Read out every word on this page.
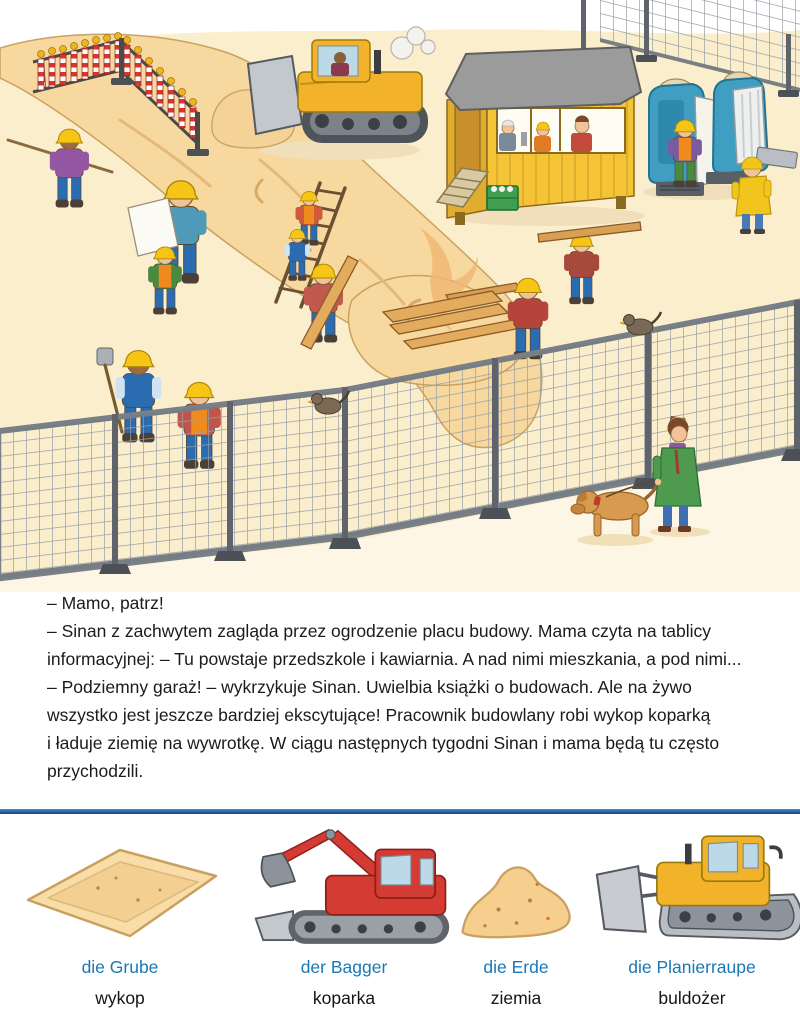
– Mamo, patrz!
– Sinan z zachwytem zagląda przez ogrodzenie placu budowy. Mama czyta na tablicy
informacyjnej: – Tu powstaje przedszkole i kawiarnia. A nad nimi mieszkania, a pod nimi...
– Podziemny garaż! – wykrzykuje Sinan. Uwielbia książki o budowach. Ale na żywo
wszystko jest jeszcze bardziej ekscytujące! Pracownik budowlany robi wykop koparką
i ładuje ziemię na wywrotkę. W ciągu następnych tygodni Sinan i mama będą tu często
przychodzili.
die Grube
wykop
der Bagger
koparka
die Erde
ziemia
die Planierraupe
buldożer
